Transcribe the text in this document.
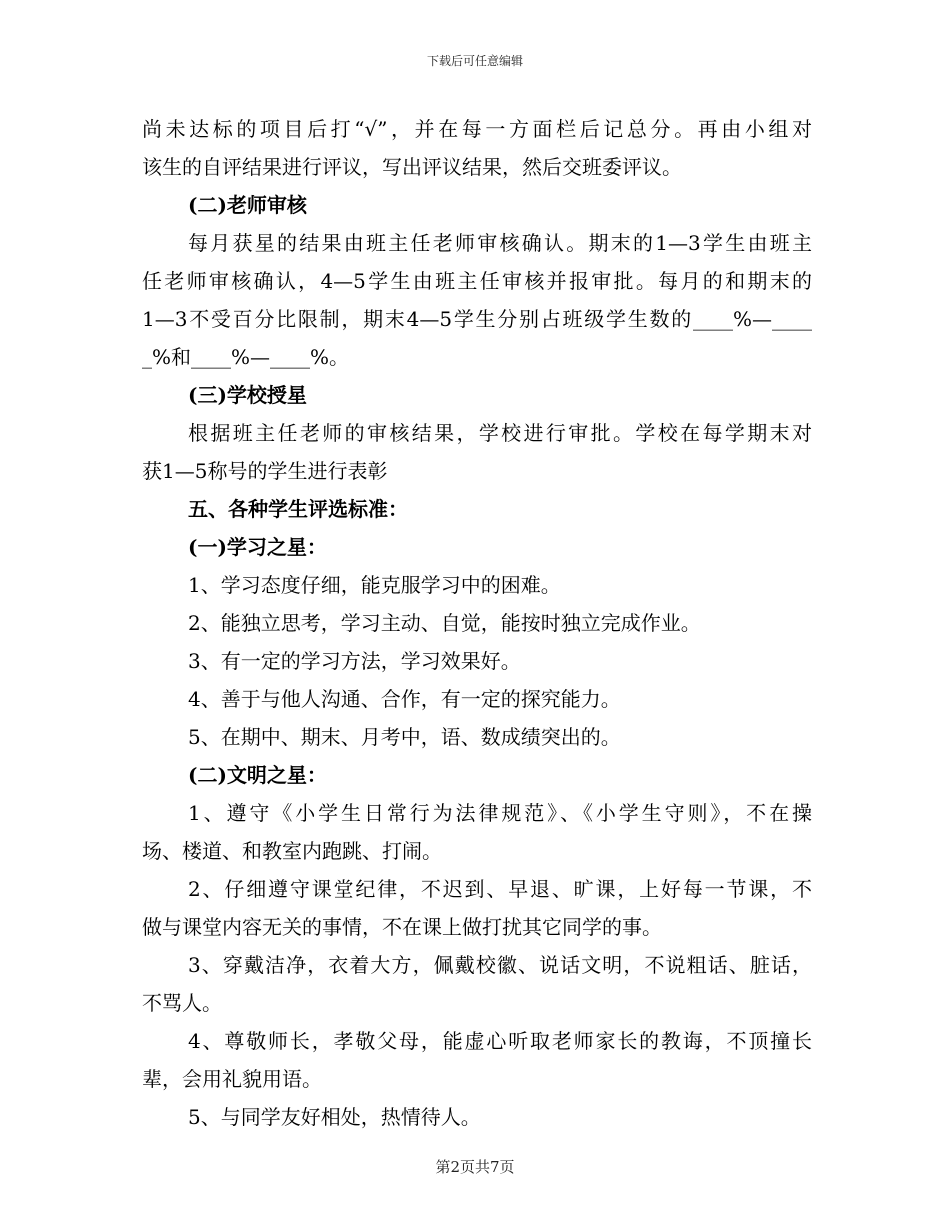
下载后可任意编辑
尚未达标的项目后打“√”，并在每一方面栏后记总分。再由小组对
该生的自评结果进行评议，写出评议结果，然后交班委评议。
(二)老师审核
每月获星的结果由班主任老师审核确认。期末的1—3学生由班主
任老师审核确认，4—5学生由班主任审核并报审批。每月的和期末的
1—3不受百分比限制，期末4—5学生分别占班级学生数的____%—____
_%和____%—____%。
(三)学校授星
根据班主任老师的审核结果，学校进行审批。学校在每学期末对
获1—5称号的学生进行表彰
五、各种学生评选标准：
(一)学习之星：
1、学习态度仔细，能克服学习中的困难。
2、能独立思考，学习主动、自觉，能按时独立完成作业。
3、有一定的学习方法，学习效果好。
4、善于与他人沟通、合作，有一定的探究能力。
5、在期中、期末、月考中，语、数成绩突出的。
(二)文明之星：
1、遵守《小学生日常行为法律规范》、《小学生守则》，不在操
场、楼道、和教室内跑跳、打闹。
2、仔细遵守课堂纪律，不迟到、早退、旷课，上好每一节课，不
做与课堂内容无关的事情，不在课上做打扰其它同学的事。
3、穿戴洁净，衣着大方，佩戴校徽、说话文明，不说粗话、脏话，
不骂人。
4、尊敬师长，孝敬父母，能虚心听取老师家长的教诲，不顶撞长
辈，会用礼貌用语。
5、与同学友好相处，热情待人。
第2页共7页
